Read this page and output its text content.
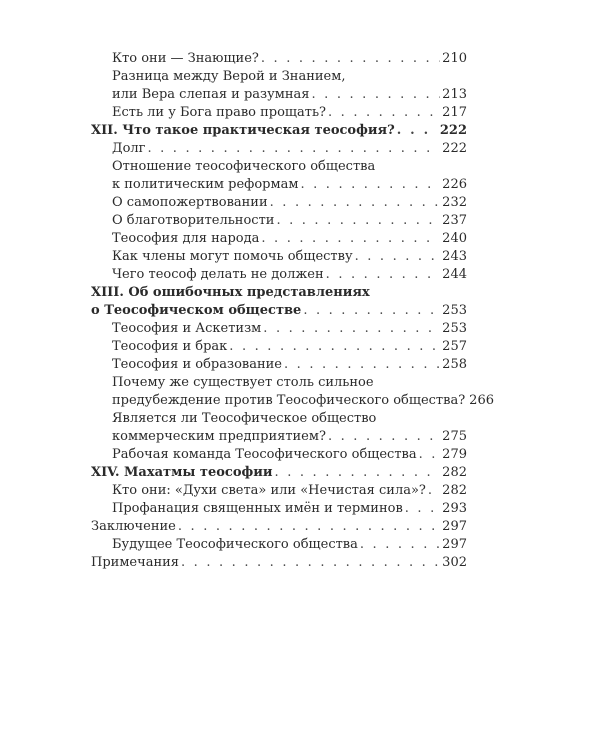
Кто они — Знающие? . . .	210
Разница между Верой и Знанием,
или Вера слепая и разумная . . .	213
Есть ли у Бога право прощать? . . .	217
XII. Что такое практическая теософия? . . .	222
Долг . . .	222
Отношение теософического общества
к политическим реформам . . .	226
О самопожертвовании . . .	232
О благотворительности . . .	237
Теософия для народа . . .	240
Как члены могут помочь обществу . . .	243
Чего теософ делать не должен . . .	244
XIII. Об ошибочных представлениях
о Теософическом обществе . . .	253
Теософия и Аскетизм . . .	253
Теософия и брак . . .	257
Теософия и образование . . .	258
Почему же существует столь сильное
предубеждение против Теософического общества? 266
Является ли Теософическое общество
коммерческим предприятием? . . .	275
Рабочая команда Теософического общества . . . 279
XIV. Махатмы теософии . . .	282
Кто они: «Духи света» или «Нечистая сила»? . . . 282
Профанация священных имён и терминов . . .	293
Заключение . . .	297
Будущее Теософического общества . . .	297
Примечания . . .	302
